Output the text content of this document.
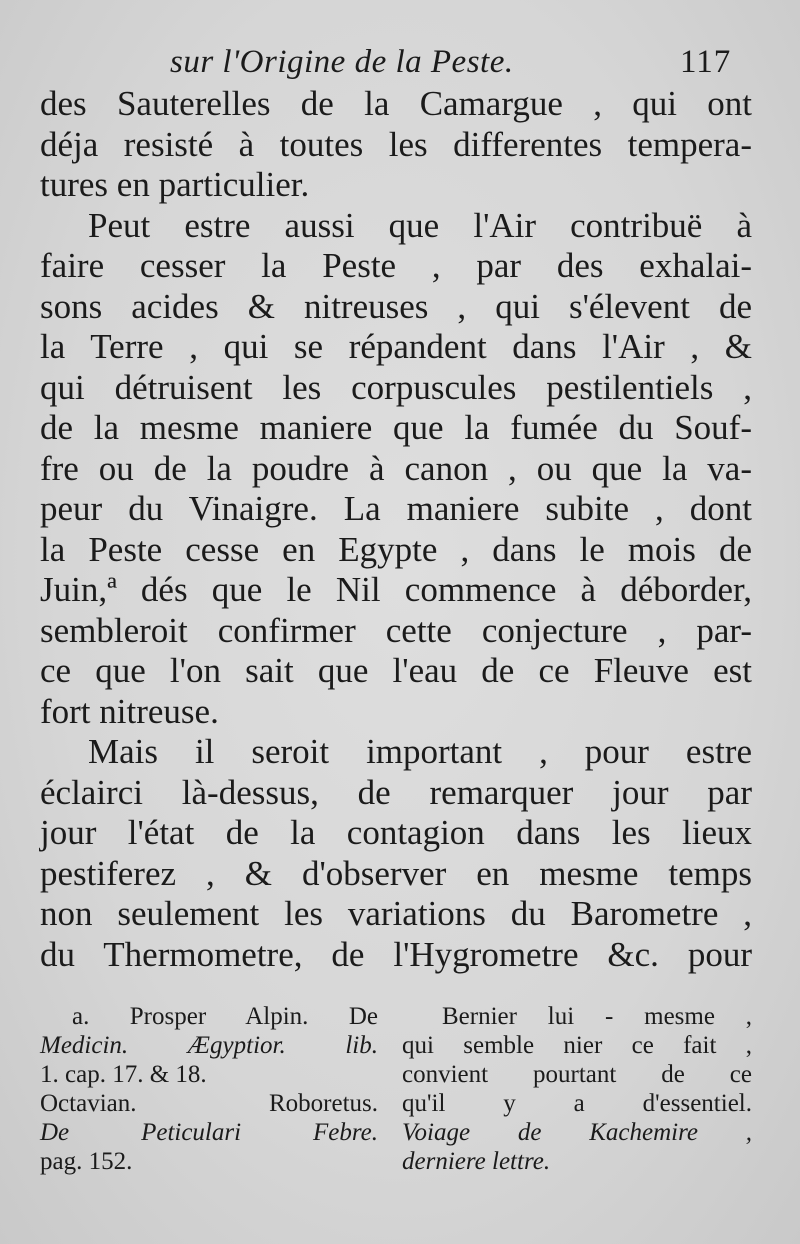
sur l'Origine de la Peste.	117
des Sauterelles de la Camargue , qui ont
déja resisté à toutes les differentes tempera-
tures en particulier.
Peut estre aussi que l'Air contribuë à
faire cesser la Peste , par des exhalai-
sons acides & nitreuses , qui s'élevent de
la Terre , qui se répandent dans l'Air , &
qui détruisent les corpuscules pestilentiels ,
de la mesme maniere que la fumée du Souf-
fre ou de la poudre à canon , ou que la va-
peur du Vinaigre. La maniere subite , dont
la Peste cesse en Egypte , dans le mois de
Juin,ª dés que le Nil commence à déborder,
sembleroit confirmer cette conjecture , par-
ce que l'on sait que l'eau de ce Fleuve est
fort nitreuse.
Mais il seroit important , pour estre
éclairci là-dessus, de remarquer jour par
jour l'état de la contagion dans les lieux
pestiferez , & d'observer en mesme temps
non seulement les variations du Barometre ,
du Thermometre, de l'Hygrometre &c. pour
a. Prosper Alpin. De
Medicin. Ægyptior. lib.
1. cap. 17. & 18.
Octavian. Roboretus.
De Peticulari Febre.
pag. 152.
Bernier lui - mesme ,
qui semble nier ce fait ,
convient pourtant de ce
qu'il y a d'essentiel.
Voiage de Kachemire ,
derniere lettre.
